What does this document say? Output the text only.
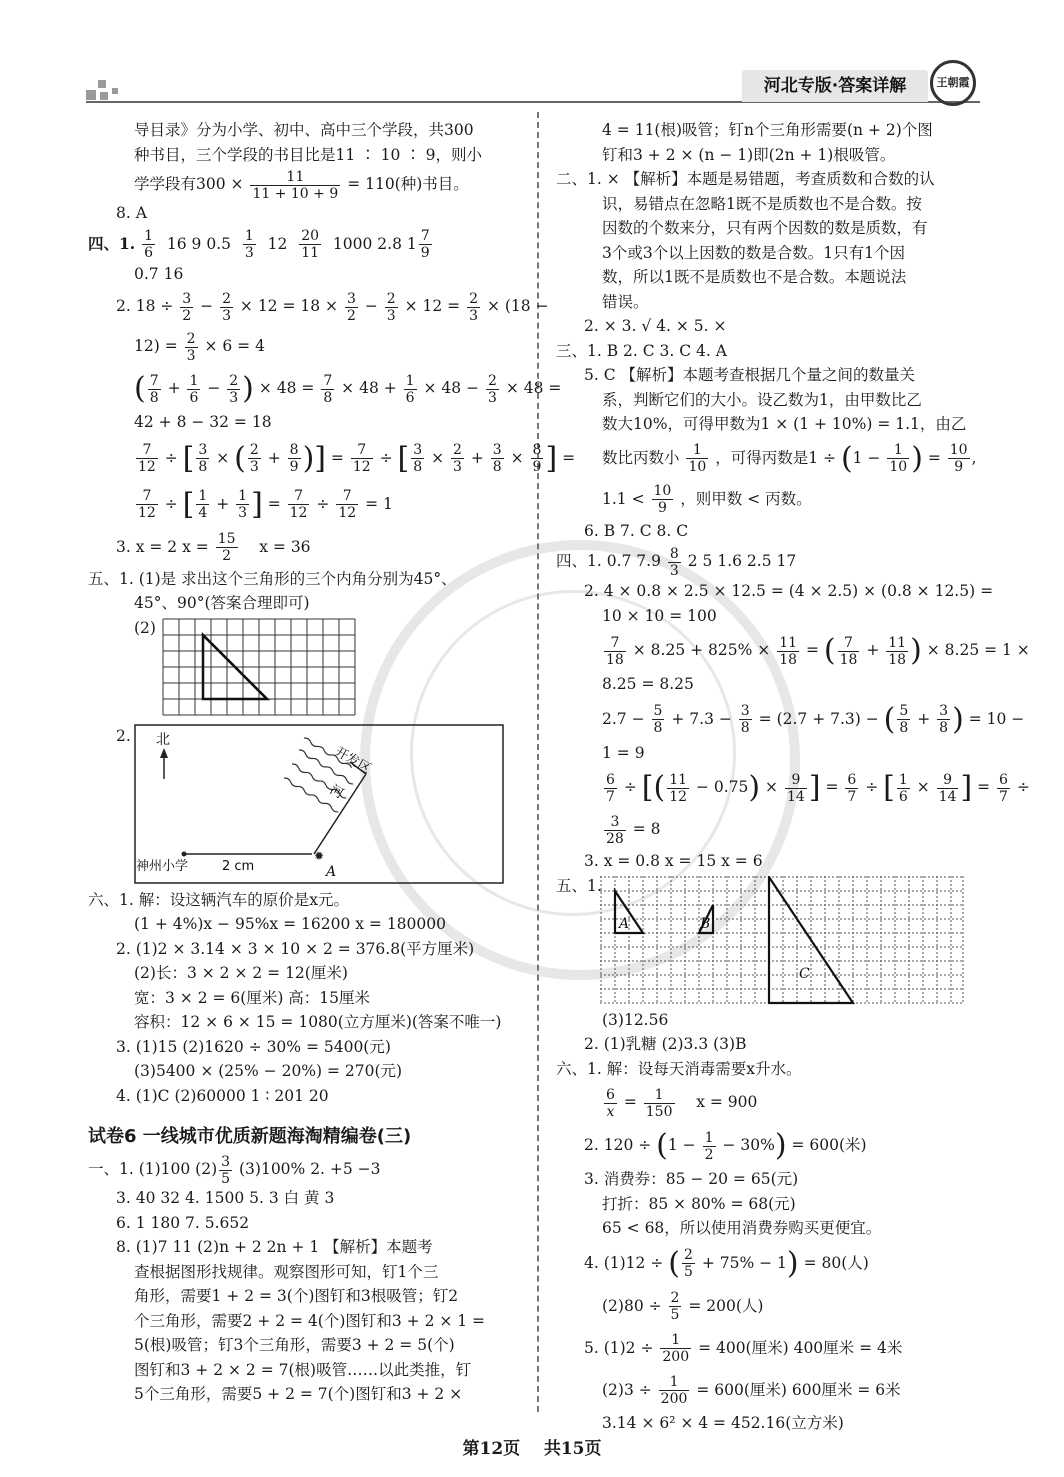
河北专版·答案详解	王朝霞
导目录》分为小学、初中、高中三个学段，共300
种书目，三个学段的书目比是11 ∶ 10 ∶ 9，则小
学学段有$300 \times \frac{11}{11 + 10 + 9} = 110$(种)书目。
8. A
四、1. $\frac{1}{6} 16$ 9 $0.5 \frac{1}{3} 12 \frac{20}{11} 1000$ 2.8 $1 \frac{7}{9}$
0.7 16
2. $18 \div \frac{3}{2} - \frac{2}{3} \times 12 = 18 \times \frac{3}{2} - \frac{2}{3} \times 12 = \frac{2}{3} \times (18$ −
$12) = \frac{2}{3} \times 6 = 4$
( $\frac{7}{8} + \frac{1}{6} - \frac{2}{3}$ ) × $48 = \frac{7}{8} \times 48 + \frac{1}{6} \times 48 - \frac{2}{3} \times 48$ =
42 + 8 − 32 = 18
$\frac{7}{12}$ ÷ [ $\frac{3}{8}$ × ( $\frac{2}{3} + \frac{8}{9}$ )] = $\frac{7}{12}$ ÷ [ $\frac{3}{8} \times \frac{2}{3} + \frac{3}{8} \times \frac{8}{9}$ ] =
$\frac{7}{12}$ ÷ [ $\frac{1}{4} + \frac{1}{3}$ ] = $\frac{7}{12} \div \frac{7}{12} = 1$
3. x = 2 $x = \frac{15}{2}$ x = 36
五、1. (1)是 求出这个三角形的三个内角分别为45°、
45°、90°(答案合理即可)
(2)
2.
✹
北
开发区
河
神州小学	2 cm	A
六、1. 解：设这辆汽车的原价是x元。
(1 + 4%)x − 95%x = 16200 x = 180000
2. (1)2 × 3.14 × 3 × 10 × 2 = 376.8(平方厘米)
(2)长：3 × 2 × 2 = 12(厘米)
宽：3 × 2 = 6(厘米) 高：15厘米
容积：12 × 6 × 15 = 1080(立方厘米)(答案不唯一)
3. (1)15 (2)1620 ÷ 30% = 5400(元)
(3)5400 × (25% − 20%) = 270(元)
4. (1)C (2)60000 1 ∶ 201 20
试卷6 一线城市优质新题海淘精编卷(三)
一、1. (1)100 $(2) \frac{3}{5} (3)100\%$ 2. +5 −3
3. 40 32 4. 1500 5. 3 白 黄 3
6. 1 180 7. 5.652
8. (1)7 11 (2)n + 2 2n + 1 【解析】本题考
查根据图形找规律。观察图形可知，钉1个三
角形，需要1 + 2 = 3(个)图钉和3根吸管；钉2
个三角形，需要2 + 2 = 4(个)图钉和3 + 2 × 1 =
5(根)吸管；钉3个三角形，需要3 + 2 = 5(个)
图钉和3 + 2 × 2 = 7(根)吸管……以此类推，钉
5个三角形，需要5 + 2 = 7(个)图钉和3 + 2 ×
4 = 11(根)吸管；钉n个三角形需要(n + 2)个图
钉和3 + 2 × (n − 1)即(2n + 1)根吸管。
二、1. × 【解析】本题是易错题，考查质数和合数的认
识，易错点在忽略1既不是质数也不是合数。按
因数的个数来分，只有两个因数的数是质数，有
3个或3个以上因数的数是合数。1只有1个因
数，所以1既不是质数也不是合数。本题说法
错误。
2. × 3. √ 4. × 5. ×
三、1. B 2. C 3. C 4. A
5. C 【解析】本题考查根据几个量之间的数量关
系，判断它们的大小。设乙数为1，由甲数比乙
数大10%，可得甲数为1 × (1 + 10%) = 1.1，由乙
数比丙数小 $\frac{1}{10}$ ，可得丙数是$1 \div (1 - \frac{1}{10}$ ) = $\frac{10}{9}$ ,
$1.1 < \frac{10}{9}$ ，则甲数 < 丙数。
6. B 7. C 8. C
四、1. 0.7 $7.9 \frac{8}{3} 2$ 5 1.6 2.5 17
2. 4 × 0.8 × 2.5 × 12.5 = (4 × 2.5) × (0.8 × 12.5) =
10 × 10 = 100
$\frac{7}{18} \times 8.25 + 825\% \times \frac{11}{18}$ = ( $\frac{7}{18} + \frac{11}{18}$ ) × 8.25 = 1 ×
8.25 = 8.25
$2.7 - \frac{5}{8} + 7.3 - \frac{3}{8} = (2.7 + 7.3)$ − ( $\frac{5}{8} + \frac{3}{8}$ ) = 10 −
1 = 9
$\frac{6}{7}$ ÷ [( $\frac{11}{12} - 0.75) \times \frac{9}{14}$ ] = $\frac{6}{7}$ ÷ [ $\frac{1}{6} \times \frac{9}{14}$ ] = $\frac{6}{7}$ ÷
$\frac{3}{28} = 8$
3. x = 0.8 x = 15 x = 6
五、1.
A	B
C
(3)12.56
2. (1)乳糖 (2)3.3 (3)B
六、1. 解：设每天消毒需要x升水。
$\frac{6}{x} = \frac{1}{150}$ x = 900
2. $120 \div (1 - \frac{1}{2} - 30\%) = 600$(米)
3. 消费券：85 − 20 = 65(元)
打折：85 × 80% = 68(元)
65 < 68，所以使用消费券购买更便宜。
4. (1)12 ÷ ( $\frac{2}{5} + 75\% - 1) = 80$(人)
$(2)80 \div \frac{2}{5} = 200$(人)
5. $(1)2 \div \frac{1}{200} = 400$(厘米) 400厘米 = 4米
$(2)3 \div \frac{1}{200} = 600$(厘米) 600厘米 = 6米
3.14 × 6² × 4 = 452.16(立方米)
第12页 共15页
